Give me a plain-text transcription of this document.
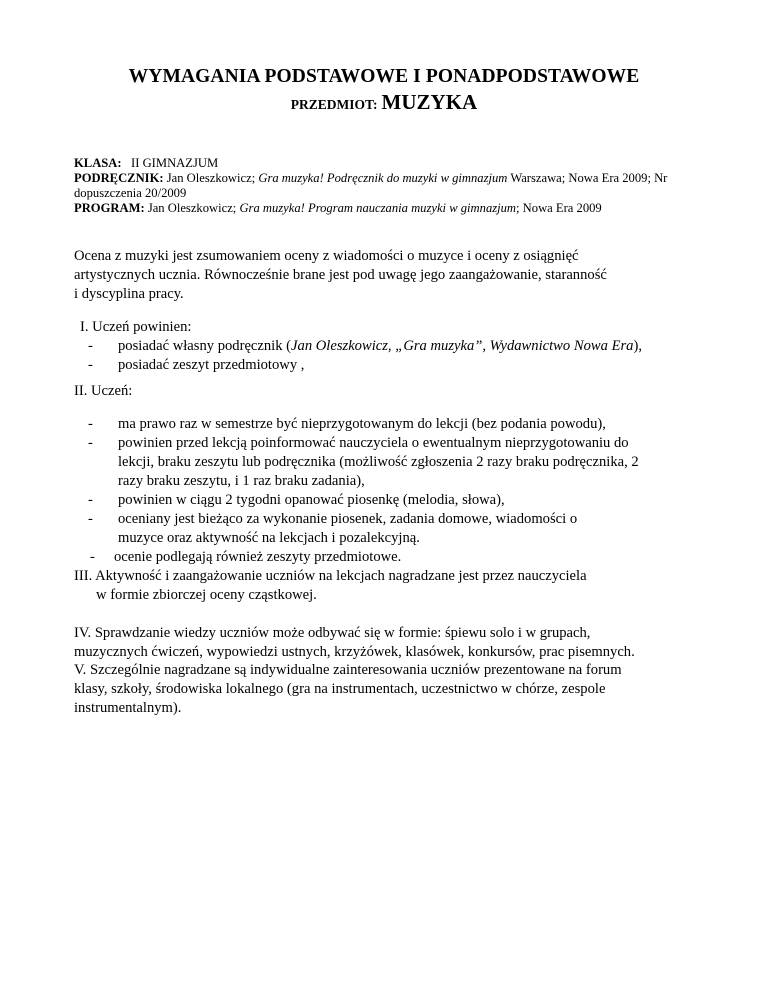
WYMAGANIA PODSTAWOWE I PONADPODSTAWOWE
PRZEDMIOT: MUZYKA

KLASA: II GIMNAZJUM

PODRĘCZNIK: Jan Oleszkowicz; Gra muzyka! Podręcznik do muzyki w gimnazjum Warszawa; Nowa Era 2009; Nr
dopuszczenia 20/2009

PROGRAM: Jan Oleszkowicz; Gra muzyka! Program nauczania muzyki w gimnazjum; Nowa Era 2009

Ocena z muzyki jest zsumowaniem oceny z wiadomości o muzyce i oceny z osiągnięć
artystycznych ucznia. Równocześnie brane jest pod uwagę jego zaangażowanie, staranność
i dyscyplina pracy.

I. Uczeń powinien:

-	posiadać własny podręcznik (Jan Oleszkowicz, „Gra muzyka”, Wydawnictwo Nowa Era),

-	posiadać zeszyt przedmiotowy ,

II. Uczeń:

-	ma prawo raz w semestrze być nieprzygotowanym do lekcji (bez podania powodu),

-	powinien przed lekcją poinformować nauczyciela o ewentualnym nieprzygotowaniu do
lekcji, braku zeszytu lub podręcznika (możliwość zgłoszenia 2 razy braku podręcznika, 2
razy braku zeszytu, i 1 raz braku zadania),

-	powinien w ciągu 2 tygodni opanować piosenkę (melodia, słowa),

-	oceniany jest bieżąco za wykonanie piosenek, zadania domowe, wiadomości o
muzyce oraz aktywność na lekcjach i pozalekcyjną.

-	ocenie podlegają również zeszyty przedmiotowe.

III. Aktywność i zaangażowanie uczniów na lekcjach nagradzane jest przez nauczyciela

w formie zbiorczej oceny cząstkowej.

IV. Sprawdzanie wiedzy uczniów może odbywać się w formie: śpiewu solo i w grupach,
muzycznych ćwiczeń, wypowiedzi ustnych, krzyżówek, klasówek, konkursów, prac pisemnych.

V. Szczególnie nagradzane są indywidualne zainteresowania uczniów prezentowane na forum
klasy, szkoły, środowiska lokalnego (gra na instrumentach, uczestnictwo w chórze, zespole
instrumentalnym).
